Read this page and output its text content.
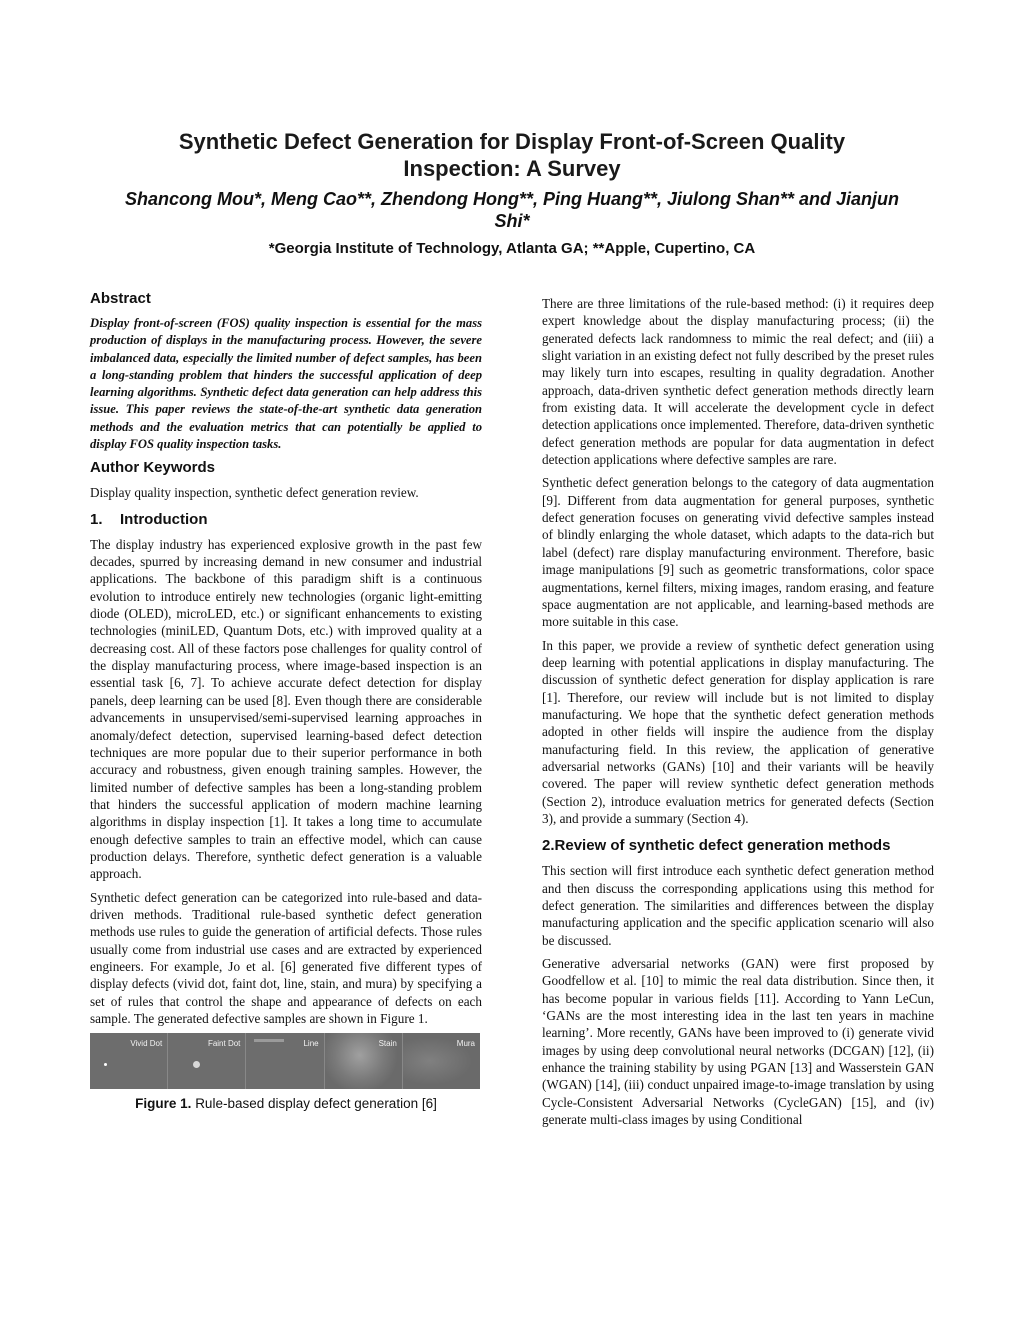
Synthetic Defect Generation for Display Front-of-Screen Quality Inspection: A Survey
Shancong Mou*, Meng Cao**, Zhendong Hong**, Ping Huang**, Jiulong Shan** and Jianjun Shi*
*Georgia Institute of Technology, Atlanta GA; **Apple, Cupertino, CA
Abstract

Display front-of-screen (FOS) quality inspection is essential for the mass production of displays in the manufacturing process. However, the severe imbalanced data, especially the limited number of defect samples, has been a long-standing problem that hinders the successful application of deep learning algorithms. Synthetic defect data generation can help address this issue. This paper reviews the state-of-the-art synthetic data generation methods and the evaluation metrics that can potentially be applied to display FOS quality inspection tasks.

Author Keywords

Display quality inspection, synthetic defect generation review.

1. Introduction

The display industry has experienced explosive growth in the past few decades, spurred by increasing demand in new consumer and industrial applications. The backbone of this paradigm shift is a continuous evolution to introduce entirely new technologies (organic light-emitting diode (OLED), microLED, etc.) or significant enhancements to existing technologies (miniLED, Quantum Dots, etc.) with improved quality at a decreasing cost. All of these factors pose challenges for quality control of the display manufacturing process, where image-based inspection is an essential task [6, 7]. To achieve accurate defect detection for display panels, deep learning can be used [8]. Even though there are considerable advancements in unsupervised/semi-supervised learning approaches in anomaly/defect detection, supervised learning-based defect detection techniques are more popular due to their superior performance in both accuracy and robustness, given enough training samples. However, the limited number of defective samples has been a long-standing problem that hinders the successful application of modern machine learning algorithms in display inspection [1]. It takes a long time to accumulate enough defective samples to train an effective model, which can cause production delays. Therefore, synthetic defect generation is a valuable approach.

Synthetic defect generation can be categorized into rule-based and data-driven methods. Traditional rule-based synthetic defect generation methods use rules to guide the generation of artificial defects. Those rules usually come from industrial use cases and are extracted by experienced engineers. For example, Jo et al. [6] generated five different types of display defects (vivid dot, faint dot, line, stain, and mura) by specifying a set of rules that control the shape and appearance of defects on each sample. The generated defective samples are shown in Figure 1.

Vivid Dot	Faint Dot	Line	Stain	Mura
Figure 1. Rule-based display defect generation [6]

There are three limitations of the rule-based method: (i) it requires deep expert knowledge about the display manufacturing process; (ii) the generated defects lack randomness to mimic the real defect; and (iii) a slight variation in an existing defect not fully described by the preset rules may likely turn into escapes, resulting in quality degradation. Another approach, data-driven synthetic defect generation methods directly learn from existing data. It will accelerate the development cycle in defect detection applications once implemented. Therefore, data-driven synthetic defect generation methods are popular for data augmentation in defect detection applications where defective samples are rare.

Synthetic defect generation belongs to the category of data augmentation [9]. Different from data augmentation for general purposes, synthetic defect generation focuses on generating vivid defective samples instead of blindly enlarging the whole dataset, which adapts to the data-rich but label (defect) rare display manufacturing environment. Therefore, basic image manipulations [9] such as geometric transformations, color space augmentations, kernel filters, mixing images, random erasing, and feature space augmentation are not applicable, and learning-based methods are more suitable in this case.

In this paper, we provide a review of synthetic defect generation using deep learning with potential applications in display manufacturing. The discussion of synthetic defect generation for display application is rare [1]. Therefore, our review will include but is not limited to display manufacturing. We hope that the synthetic defect generation methods adopted in other fields will inspire the audience from the display manufacturing field. In this review, the application of generative adversarial networks (GANs) [10] and their variants will be heavily covered. The paper will review synthetic defect generation methods (Section 2), introduce evaluation metrics for generated defects (Section 3), and provide a summary (Section 4).

2.Review of synthetic defect generation methods

This section will first introduce each synthetic defect generation method and then discuss the corresponding applications using this method for defect generation. The similarities and differences between the display manufacturing application and the specific application scenario will also be discussed.

Generative adversarial networks (GAN) were first proposed by Goodfellow et al. [10] to mimic the real data distribution. Since then, it has become popular in various fields [11]. According to Yann LeCun, ‘GANs are the most interesting idea in the last ten years in machine learning’. More recently, GANs have been improved to (i) generate vivid images by using deep convolutional neural networks (DCGAN) [12], (ii) enhance the training stability by using PGAN [13] and Wasserstein GAN (WGAN) [14], (iii) conduct unpaired image-to-image translation by using Cycle-Consistent Adversarial Networks (CycleGAN) [15], and (iv) generate multi-class images by using Conditional
